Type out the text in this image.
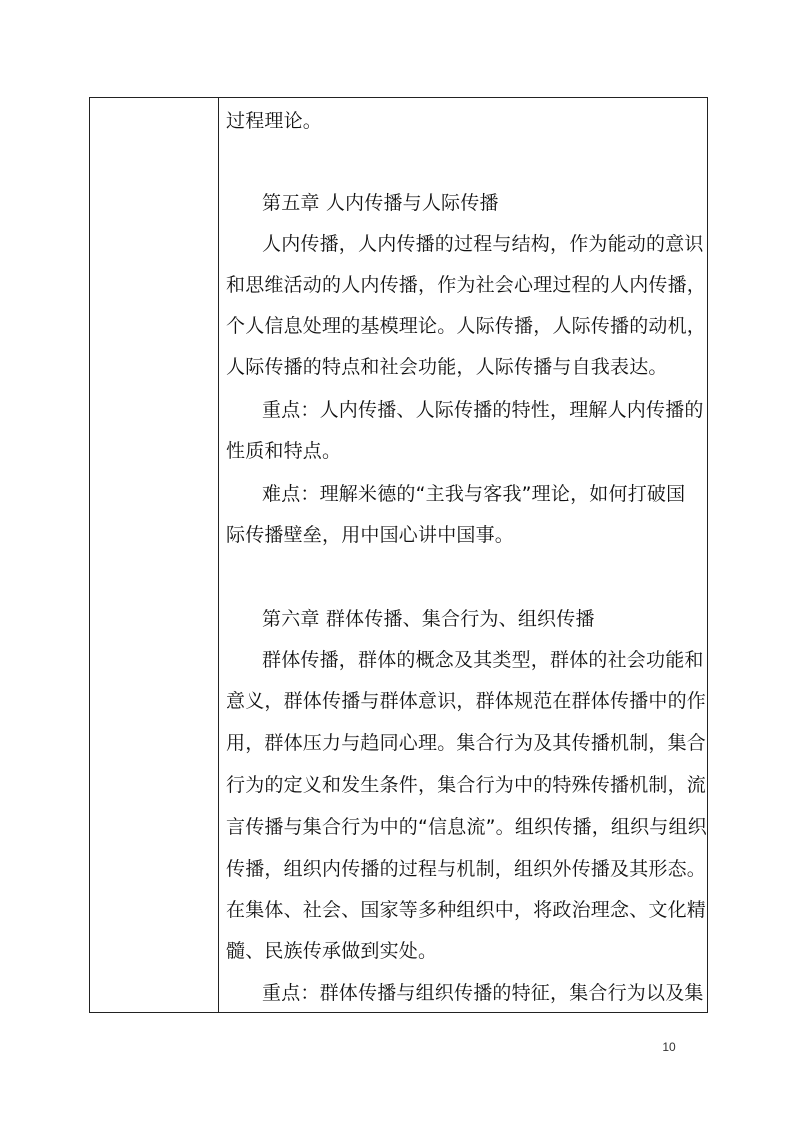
过程理论。
第五章 人内传播与人际传播
人内传播，人内传播的过程与结构，作为能动的意识
和思维活动的人内传播，作为社会心理过程的人内传播，
个人信息处理的基模理论。人际传播，人际传播的动机，
人际传播的特点和社会功能，人际传播与自我表达。
重点：人内传播、人际传播的特性，理解人内传播的
性质和特点。
难点：理解米德的“主我与客我”理论，如何打破国
际传播壁垒，用中国心讲中国事。
第六章 群体传播、集合行为、组织传播
群体传播，群体的概念及其类型，群体的社会功能和
意义，群体传播与群体意识，群体规范在群体传播中的作
用，群体压力与趋同心理。集合行为及其传播机制，集合
行为的定义和发生条件，集合行为中的特殊传播机制，流
言传播与集合行为中的“信息流”。组织传播，组织与组织
传播，组织内传播的过程与机制，组织外传播及其形态。
在集体、社会、国家等多种组织中，将政治理念、文化精
髓、民族传承做到实处。
重点：群体传播与组织传播的特征，集合行为以及集
10
